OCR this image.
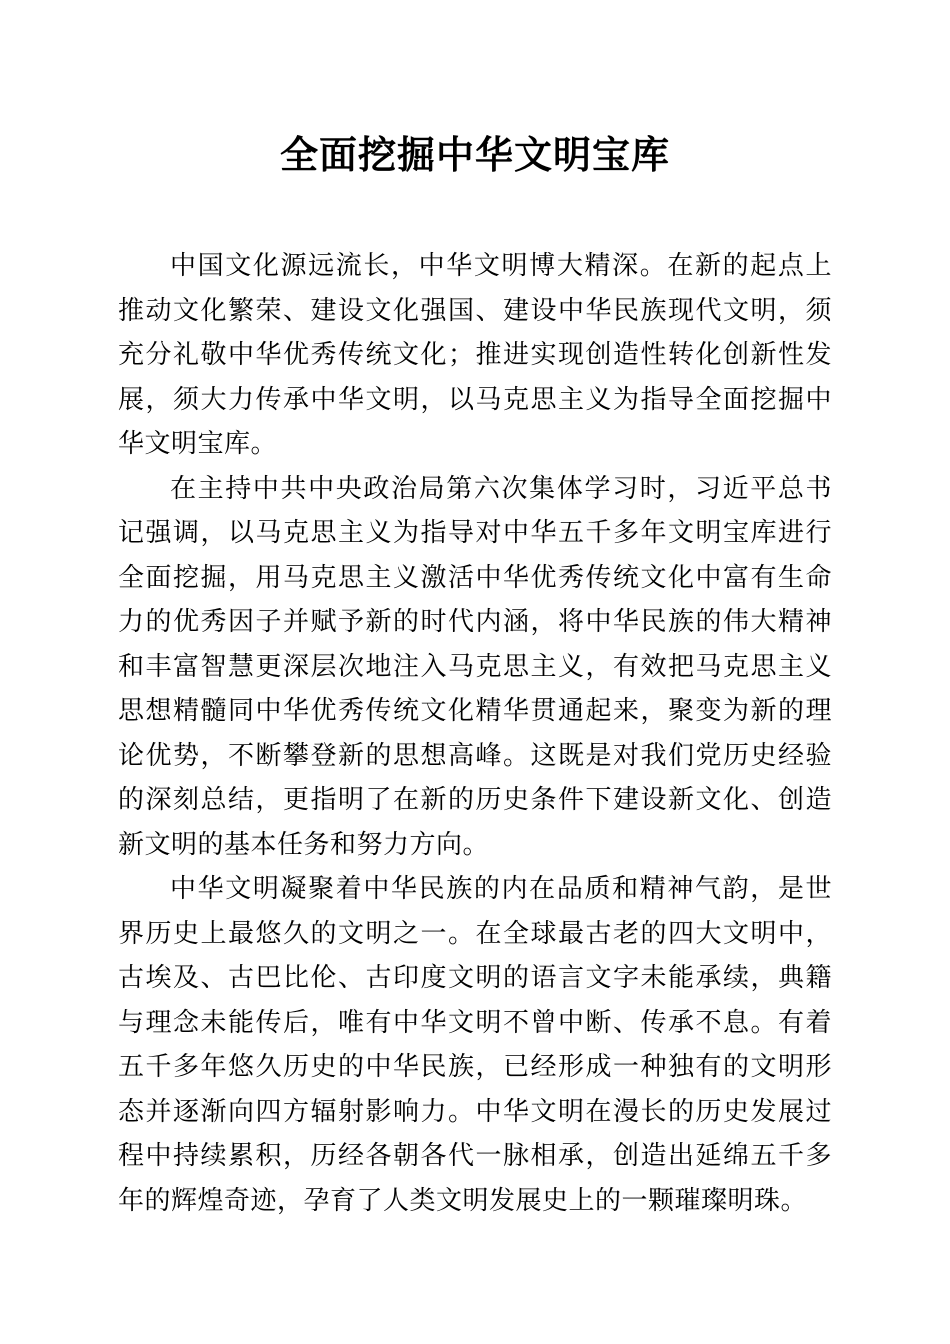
全面挖掘中华文明宝库

中国文化源远流长，中华文明博大精深。在新的起点上推动文化繁荣、建设文化强国、建设中华民族现代文明，须充分礼敬中华优秀传统文化；推进实现创造性转化创新性发展，须大力传承中华文明，以马克思主义为指导全面挖掘中华文明宝库。

在主持中共中央政治局第六次集体学习时，习近平总书记强调，以马克思主义为指导对中华五千多年文明宝库进行全面挖掘，用马克思主义激活中华优秀传统文化中富有生命力的优秀因子并赋予新的时代内涵，将中华民族的伟大精神和丰富智慧更深层次地注入马克思主义，有效把马克思主义思想精髓同中华优秀传统文化精华贯通起来，聚变为新的理论优势，不断攀登新的思想高峰。这既是对我们党历史经验的深刻总结，更指明了在新的历史条件下建设新文化、创造新文明的基本任务和努力方向。

中华文明凝聚着中华民族的内在品质和精神气韵，是世界历史上最悠久的文明之一。在全球最古老的四大文明中，古埃及、古巴比伦、古印度文明的语言文字未能承续，典籍与理念未能传后，唯有中华文明不曾中断、传承不息。有着五千多年悠久历史的中华民族，已经形成一种独有的文明形态并逐渐向四方辐射影响力。中华文明在漫长的历史发展过程中持续累积，历经各朝各代一脉相承，创造出延绵五千多年的辉煌奇迹，孕育了人类文明发展史上的一颗璀璨明珠。
